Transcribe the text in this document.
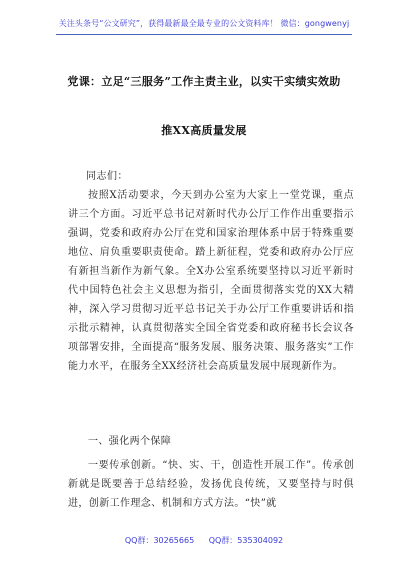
关注头条号“公文研究”，获得最新最全最专业的公文资料库！ 微信：gongwenyj
党课：立足“三服务”工作主责主业，以实干实绩实效助
推XX高质量发展
同志们：
按照X活动要求，今天到办公室为大家上一堂党课，重点讲三个方面。习近平总书记对新时代办公厅工作作出重要指示强调，党委和政府办公厅在党和国家治理体系中居于特殊重要地位、肩负重要职责使命。踏上新征程，党委和政府办公厅应有新担当新作为新气象。全X办公室系统要坚持以习近平新时代中国特色社会主义思想为指引，全面贯彻落实党的XX大精神，深入学习贯彻习近平总书记关于办公厅工作重要讲话和指示批示精神，认真贯彻落实全国全省党委和政府秘书长会议各项部署安排，全面提高“服务发展、服务决策、服务落实”工作能力水平，在服务全XX经济社会高质量发展中展现新作为。
一、强化两个保障
一要传承创新。“快、实、干，创造性开展工作”。传承创新就是既要善于总结经验，发扬优良传统，又要坚持与时俱进，创新工作理念、机制和方式方法。“快”就
QQ群：30265665 QQ群：535304092
